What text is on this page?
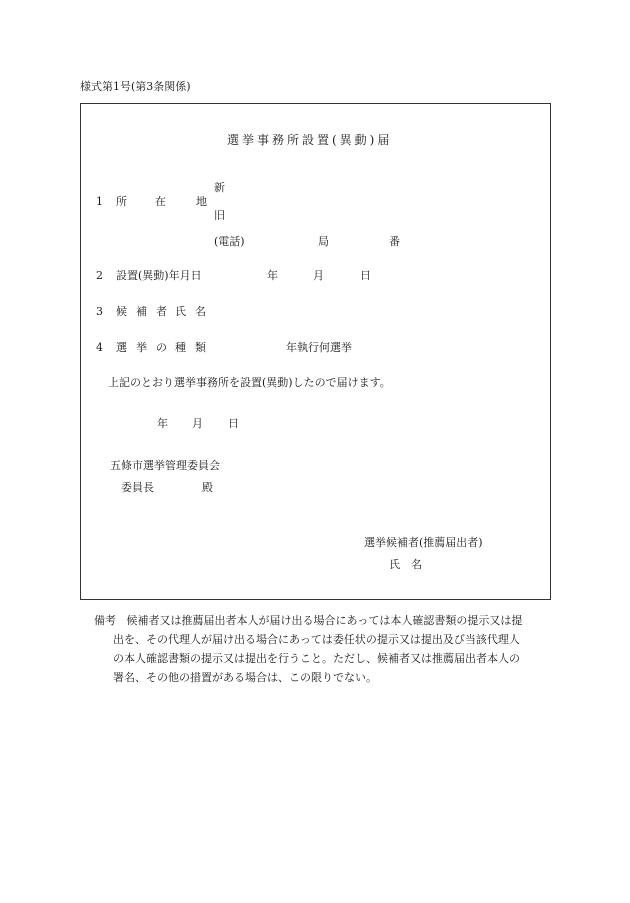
様式第1号(第3条関係)
選挙事務所設置(異動)届
1 所	在	地
新
旧
(電話)	局	番
2 設置(異動)年月日	年	月	日
3 候 補 者 氏 名
4 選 挙 の 種 類	年執行何選挙
上記のとおり選挙事務所を設置(異動)したので届けます。
年 月 日
五條市選挙管理委員会
委員長	殿
選挙候補者(推薦届出者)
氏 名
備考 候補者又は推薦届出者本人が届け出る場合にあっては本人確認書類の提示又は提
出を、その代理人が届け出る場合にあっては委任状の提示又は提出及び当該代理人
の本人確認書類の提示又は提出を行うこと。ただし、候補者又は推薦届出者本人の
署名、その他の措置がある場合は、この限りでない。
